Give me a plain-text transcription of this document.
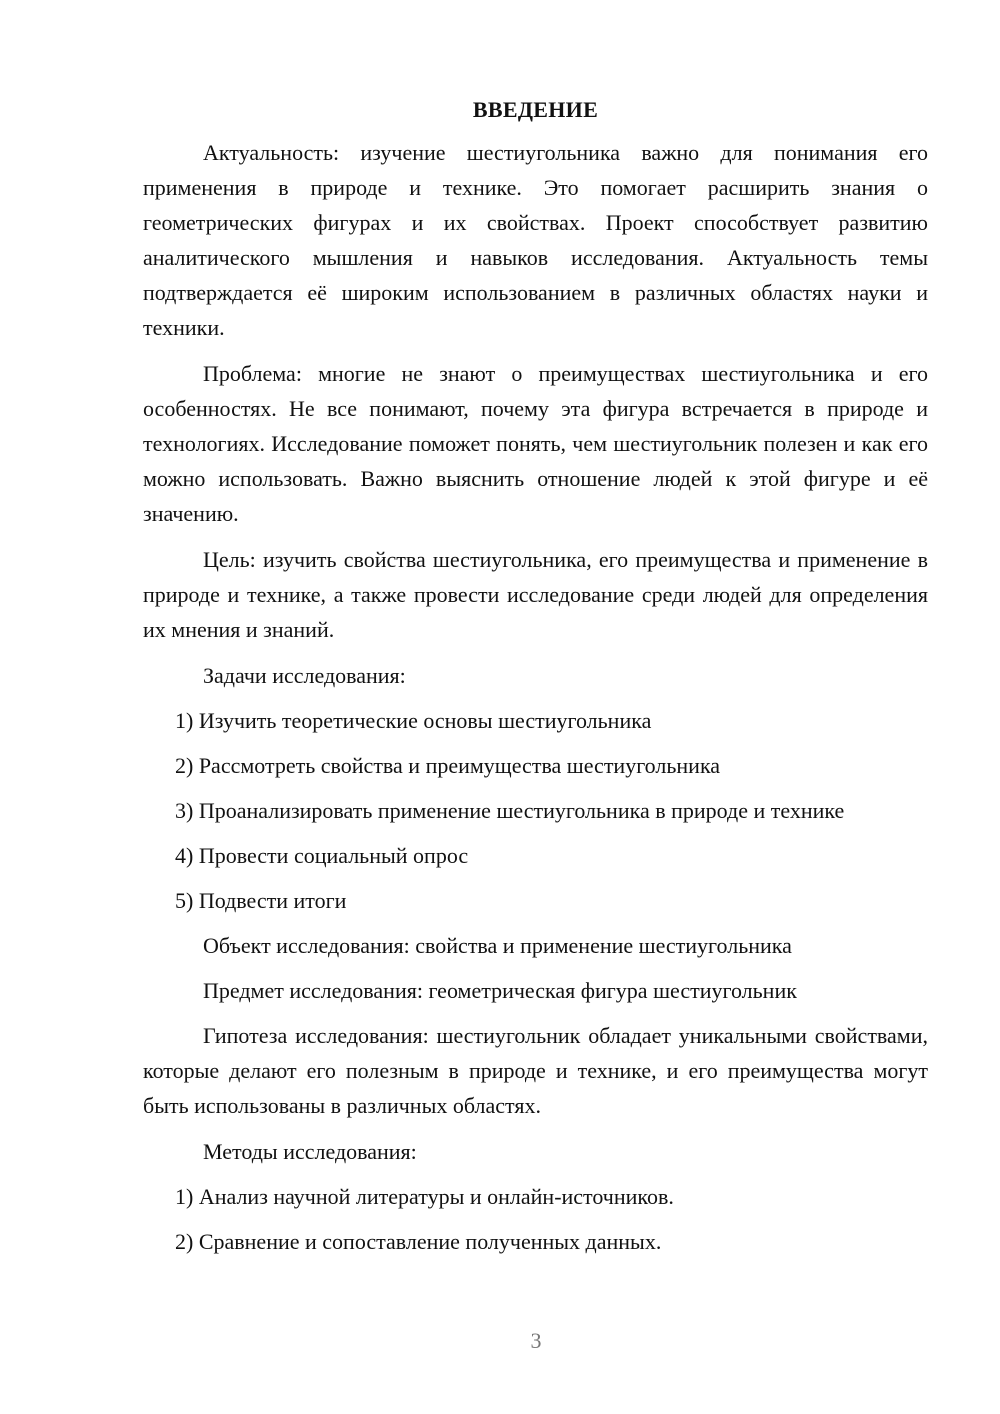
ВВЕДЕНИЕ

Актуальность: изучение шестиугольника важно для понимания его применения в природе и технике. Это помогает расширить знания о геометрических фигурах и их свойствах. Проект способствует развитию аналитического мышления и навыков исследования. Актуальность темы подтверждается её широким использованием в различных областях науки и техники.

Проблема: многие не знают о преимуществах шестиугольника и его особенностях. Не все понимают, почему эта фигура встречается в природе и технологиях. Исследование поможет понять, чем шестиугольник полезен и как его можно использовать. Важно выяснить отношение людей к этой фигуре и её значению.

Цель: изучить свойства шестиугольника, его преимущества и применение в природе и технике, а также провести исследование среди людей для определения их мнения и знаний.

Задачи исследования:

1) Изучить теоретические основы шестиугольника

2) Рассмотреть свойства и преимущества шестиугольника

3) Проанализировать применение шестиугольника в природе и технике

4) Провести социальный опрос

5) Подвести итоги

Объект исследования: свойства и применение шестиугольника

Предмет исследования: геометрическая фигура шестиугольник

Гипотеза исследования: шестиугольник обладает уникальными свойствами, которые делают его полезным в природе и технике, и его преимущества могут быть использованы в различных областях.

Методы исследования:

1) Анализ научной литературы и онлайн-источников.

2) Сравнение и сопоставление полученных данных.

3
